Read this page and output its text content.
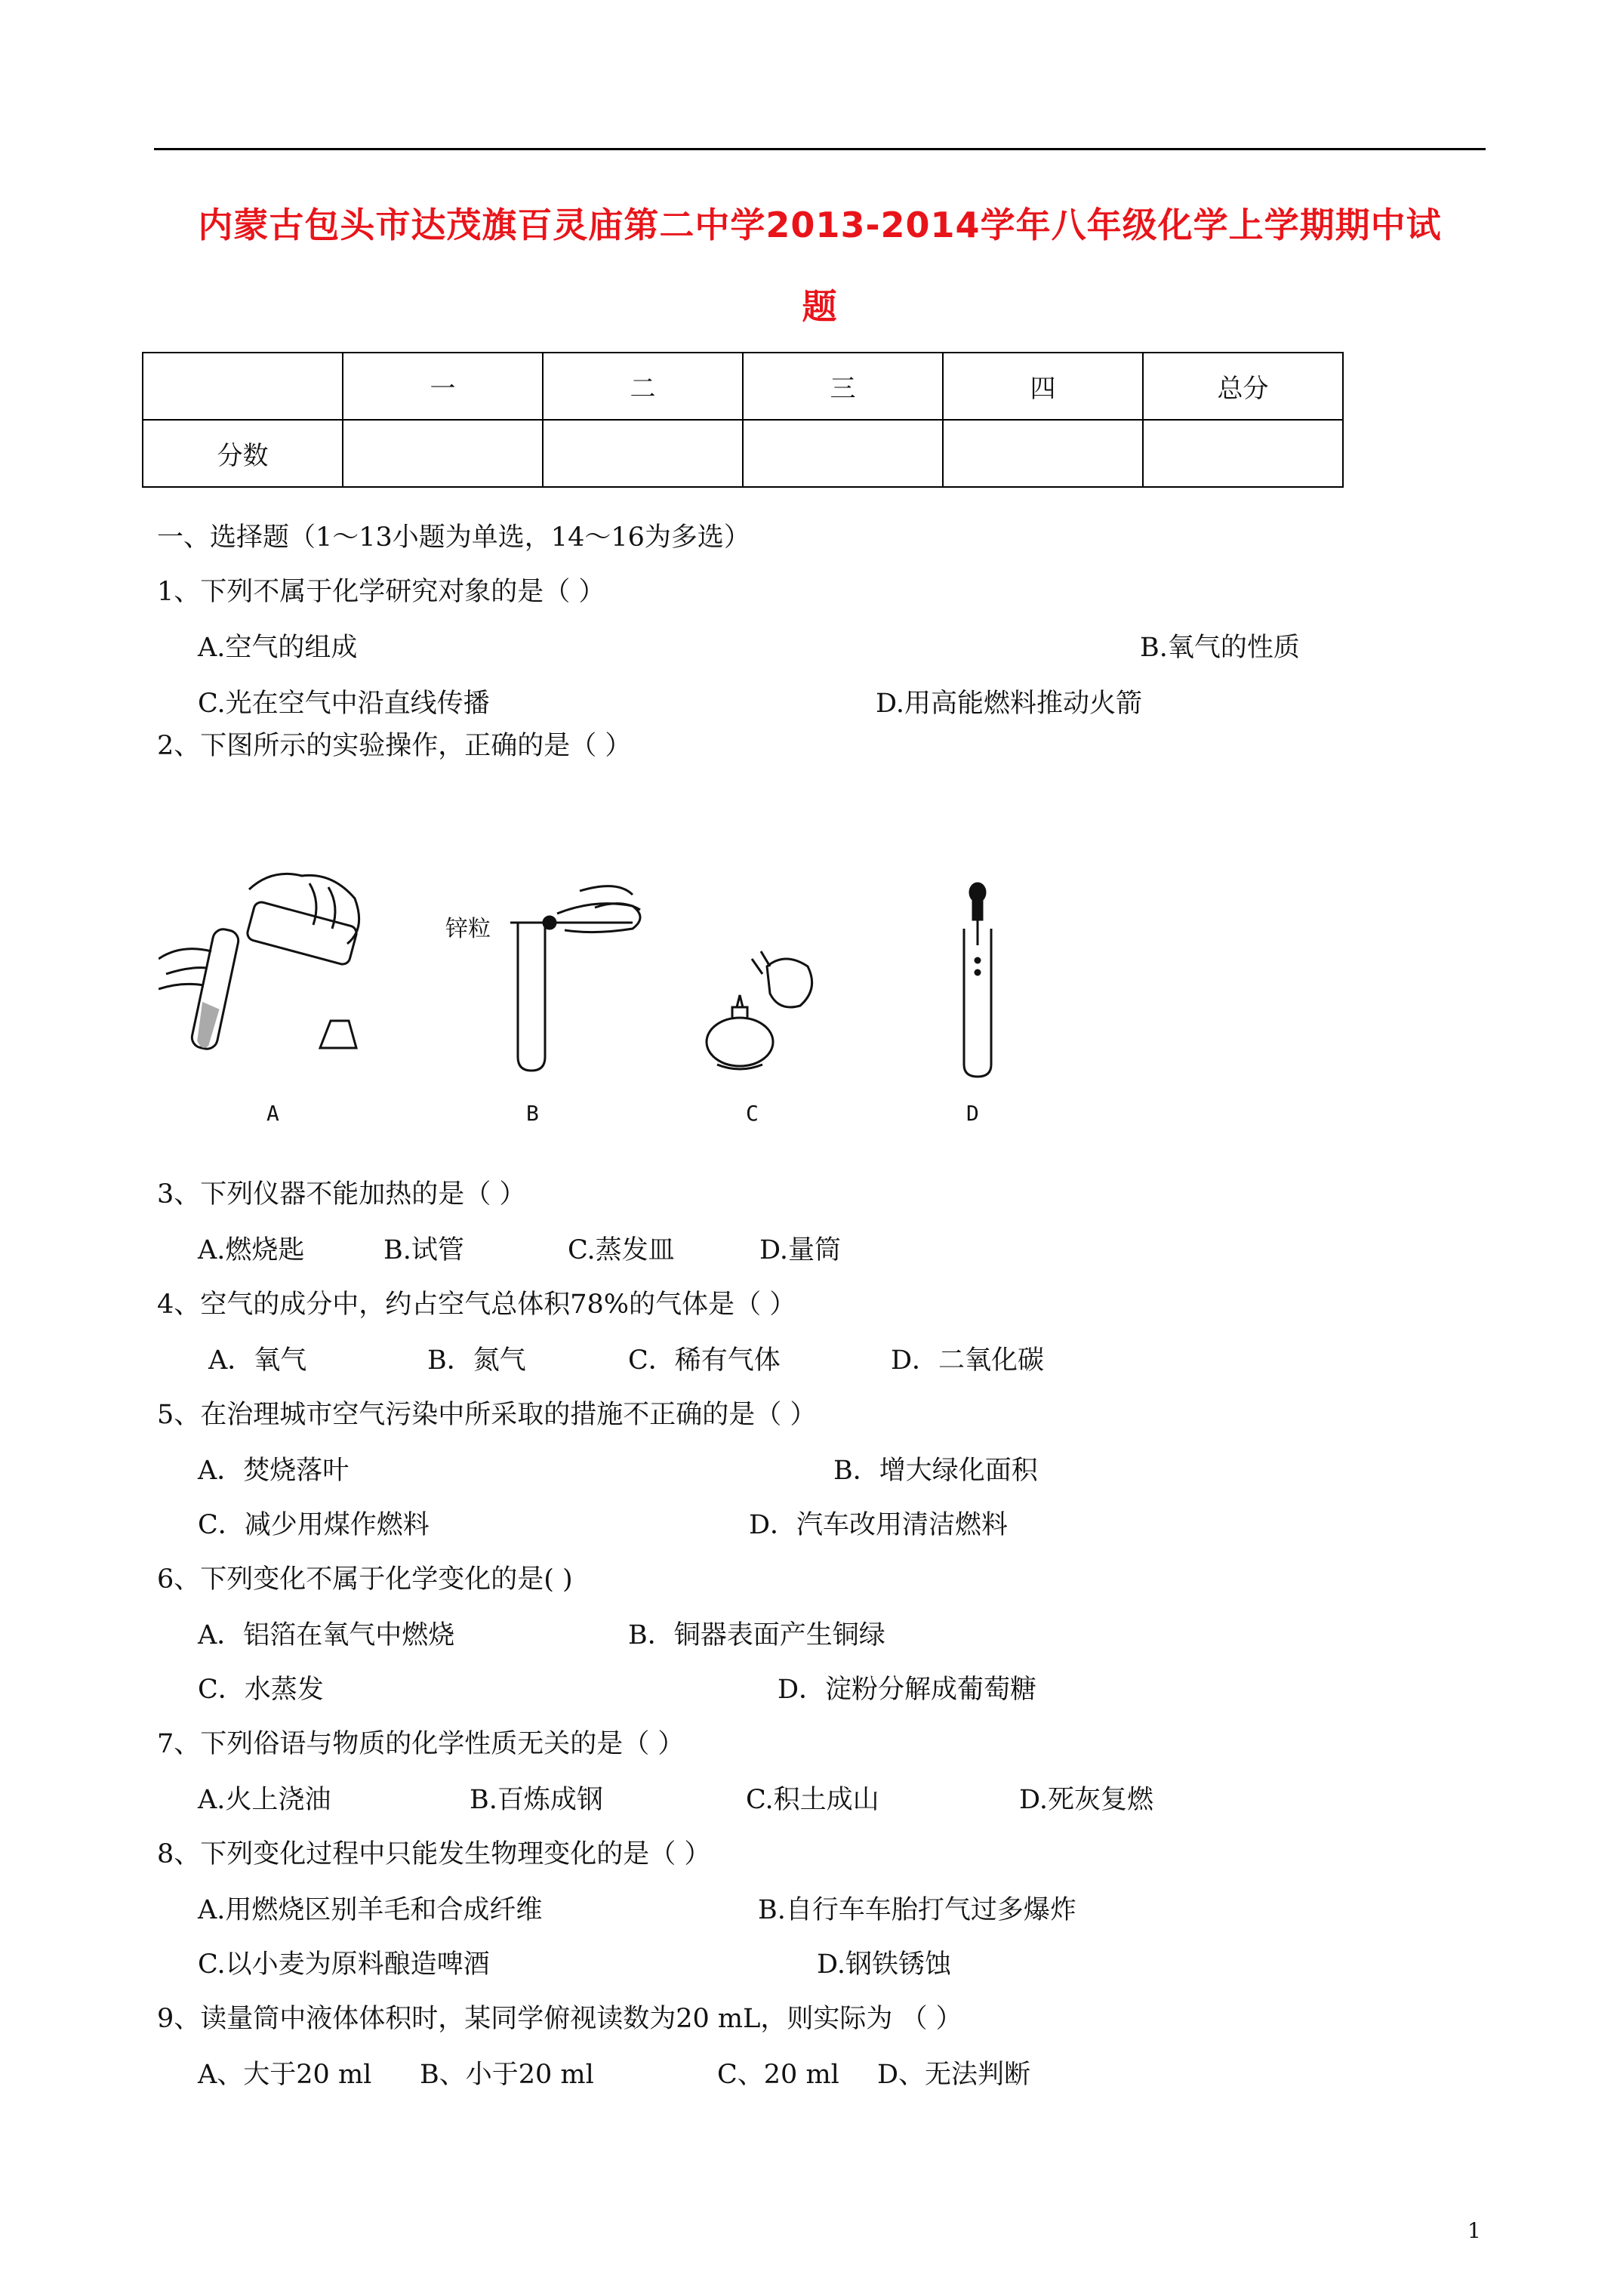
内蒙古包头市达茂旗百灵庙第二中学2013-2014学年八年级化学上学期期中试
题
	一	二	三	四	总分
分数					
一、选择题（1～13小题为单选，14～16为多选）
1、下列不属于化学研究对象的是（ ）
A.空气的组成	B.氧气的性质
C.光在空气中沿直线传播	D.用高能燃料推动火箭
2、下图所示的实验操作，正确的是（ ）
A
锌粒
B	C	D
3、下列仪器不能加热的是（ ）
A.燃烧匙	B.试管	C.蒸发皿	D.量筒
4、空气的成分中，约占空气总体积78%的气体是（ ）
A．氧气	B．氮气	C．稀有气体	D．二氧化碳
5、在治理城市空气污染中所采取的措施不正确的是（ ）
A．焚烧落叶	B．增大绿化面积
C．减少用煤作燃料	D．汽车改用清洁燃料
6、下列变化不属于化学变化的是( )
A．铝箔在氧气中燃烧	B．铜器表面产生铜绿
C．水蒸发	D．淀粉分解成葡萄糖
7、下列俗语与物质的化学性质无关的是（ ）
A.火上浇油	B.百炼成钢	C.积土成山	D.死灰复燃
8、下列变化过程中只能发生物理变化的是（ ）
A.用燃烧区别羊毛和合成纤维	B.自行车车胎打气过多爆炸
C.以小麦为原料酿造啤酒	D.钢铁锈蚀
9、读量筒中液体体积时，某同学俯视读数为20 mL，则实际为 （ ）
A、大于20 ml B、小于20 ml	C、20 ml D、无法判断
1
